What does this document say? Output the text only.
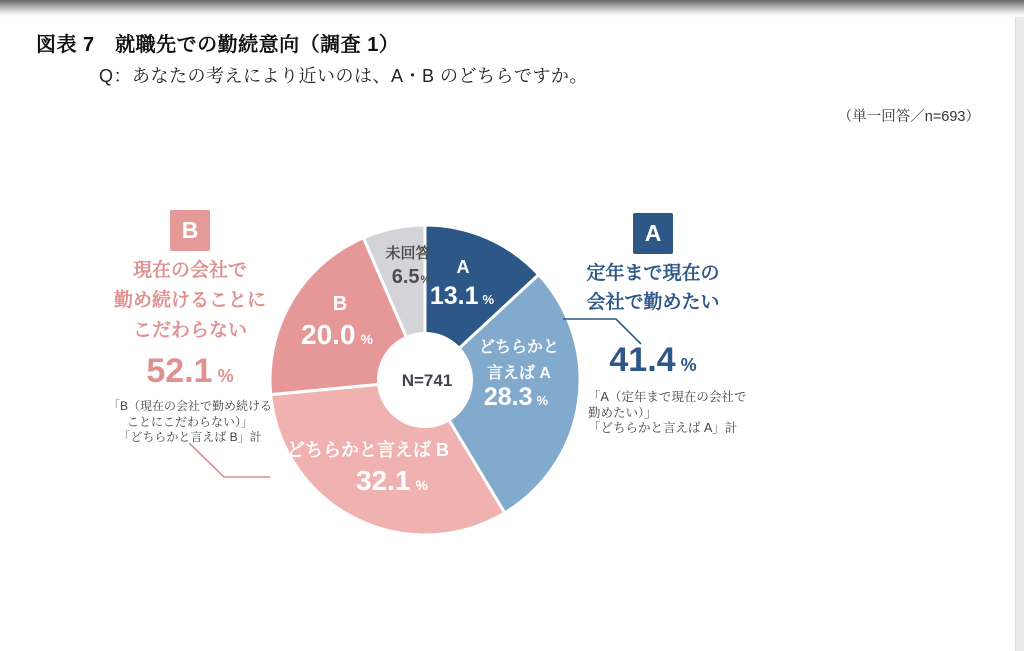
図表 7　就職先での勤続意向（調査 1）
Q：あなたの考えにより近いのは、A・B のどちらですか。
（単一回答／n=693）
N=741
A
13.1 %
どちらかと
言えば A
28.3 %
どちらかと言えば B
32.1 %
B
20.0 %
未回答
6.5%
B
現在の会社で
勤め続けることに
こだわらない
52.1 %
「B（現在の会社で勤め続ける
ことにこだわらない）」
「どちらかと言えば B」計
A
定年まで現在の
会社で勤めたい
41.4 %
「A（定年まで現在の会社で
勤めたい）」
「どちらかと言えば A」計
